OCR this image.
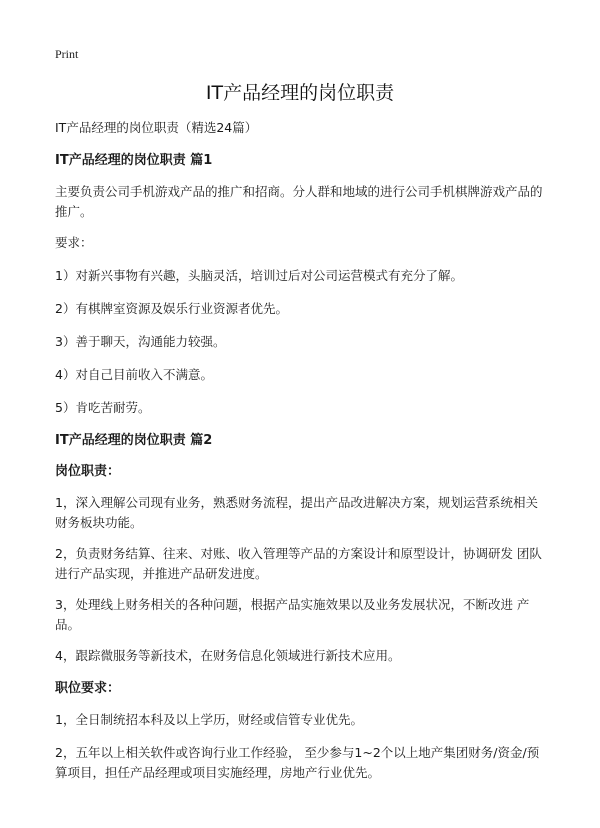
Print
IT产品经理的岗位职责

IT产品经理的岗位职责（精选24篇）

IT产品经理的岗位职责 篇1

主要负责公司手机游戏产品的推广和招商。分人群和地域的进行公司手机棋牌游戏产品的推广。

要求：

1）对新兴事物有兴趣，头脑灵活，培训过后对公司运营模式有充分了解。

2）有棋牌室资源及娱乐行业资源者优先。

3）善于聊天，沟通能力较强。

4）对自己目前收入不满意。

5）肯吃苦耐劳。

IT产品经理的岗位职责 篇2
岗位职责：

1，深入理解公司现有业务，熟悉财务流程，提出产品改进解决方案，规划运营系统相关财务板块功能。

2，负责财务结算、往来、对账、收入管理等产品的方案设计和原型设计，协调研发 团队进行产品实现，并推进产品研发进度。

3，处理线上财务相关的各种问题，根据产品实施效果以及业务发展状况，不断改进 产品。

4，跟踪微服务等新技术，在财务信息化领域进行新技术应用。

职位要求：

1，全日制统招本科及以上学历，财经或信管专业优先。

2，五年以上相关软件或咨询行业工作经验， 至少参与1~2个以上地产集团财务/资金/预算项目，担任产品经理或项目实施经理，房地产行业优先。
